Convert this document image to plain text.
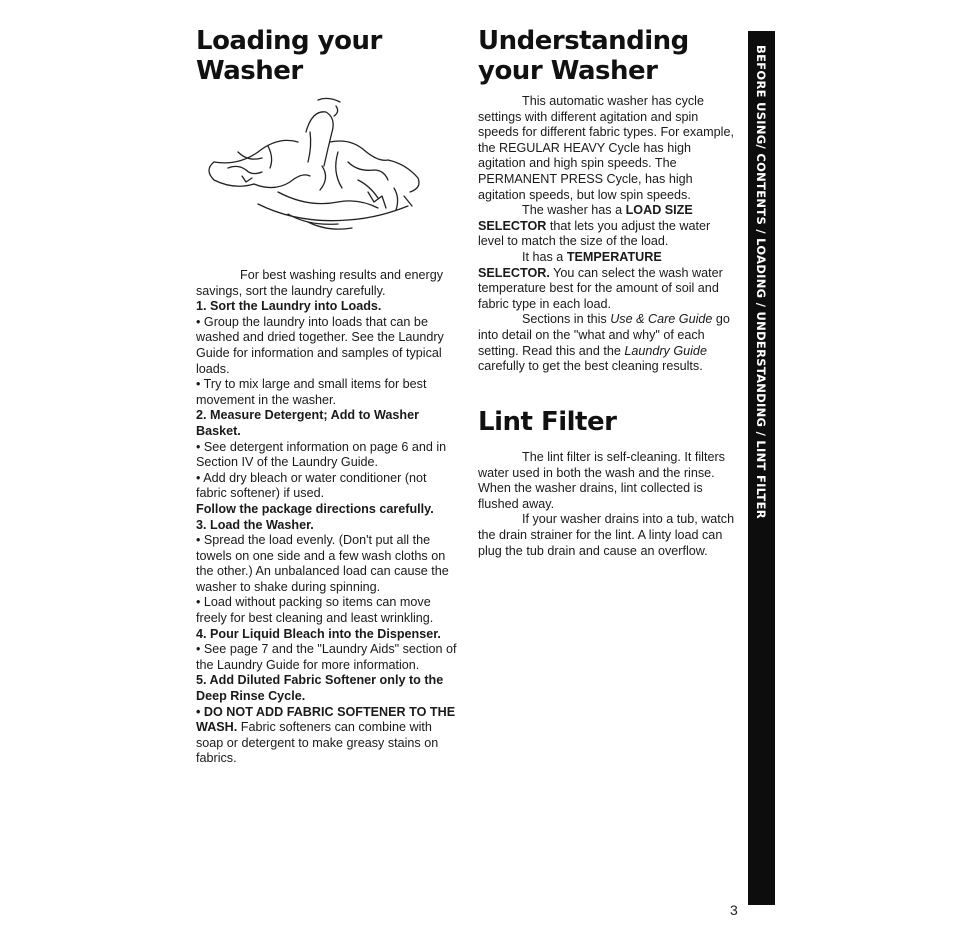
Loading your
Washer

For best washing results and energy savings, sort the laundry carefully.

1. Sort the Laundry into Loads.

• Group the laundry into loads that can be washed and dried together. See the Laundry Guide for information and samples of typical loads.

• Try to mix large and small items for best movement in the washer.

2. Measure Detergent; Add to Washer Basket.

• See detergent information on page 6 and in Section IV of the Laundry Guide.

• Add dry bleach or water conditioner (not fabric softener) if used.

Follow the package directions carefully.

3. Load the Washer.

• Spread the load evenly. (Don't put all the towels on one side and a few wash cloths on the other.) An unbalanced load can cause the washer to shake during spinning.

• Load without packing so items can move freely for best cleaning and least wrinkling.

4. Pour Liquid Bleach into the Dispenser.

• See page 7 and the "Laundry Aids" section of the Laundry Guide for more information.

5. Add Diluted Fabric Softener only to the Deep Rinse Cycle.

• DO NOT ADD FABRIC SOFTENER TO THE WASH. Fabric softeners can combine with soap or detergent to make greasy stains on fabrics.

Understanding
your Washer

This automatic washer has cycle settings with different agitation and spin speeds for different fabric types. For example, the REGULAR HEAVY Cycle has high agitation and high spin speeds. The PERMANENT PRESS Cycle, has high agitation speeds, but low spin speeds.

The washer has a LOAD SIZE SELECTOR that lets you adjust the water level to match the size of the load.

It has a TEMPERATURE SELECTOR. You can select the wash water temperature best for the amount of soil and fabric type in each load.

Sections in this Use & Care Guide go into detail on the "what and why" of each setting. Read this and the Laundry Guide carefully to get the best cleaning results.

Lint Filter

The lint filter is self-cleaning. It filters water used in both the wash and the rinse. When the washer drains, lint collected is flushed away.

If your washer drains into a tub, watch the drain strainer for the lint. A linty load can plug the tub drain and cause an overflow.

BEFORE USING/ CONTENTS / LOADING / UNDERSTANDING / LINT FILTER
3
